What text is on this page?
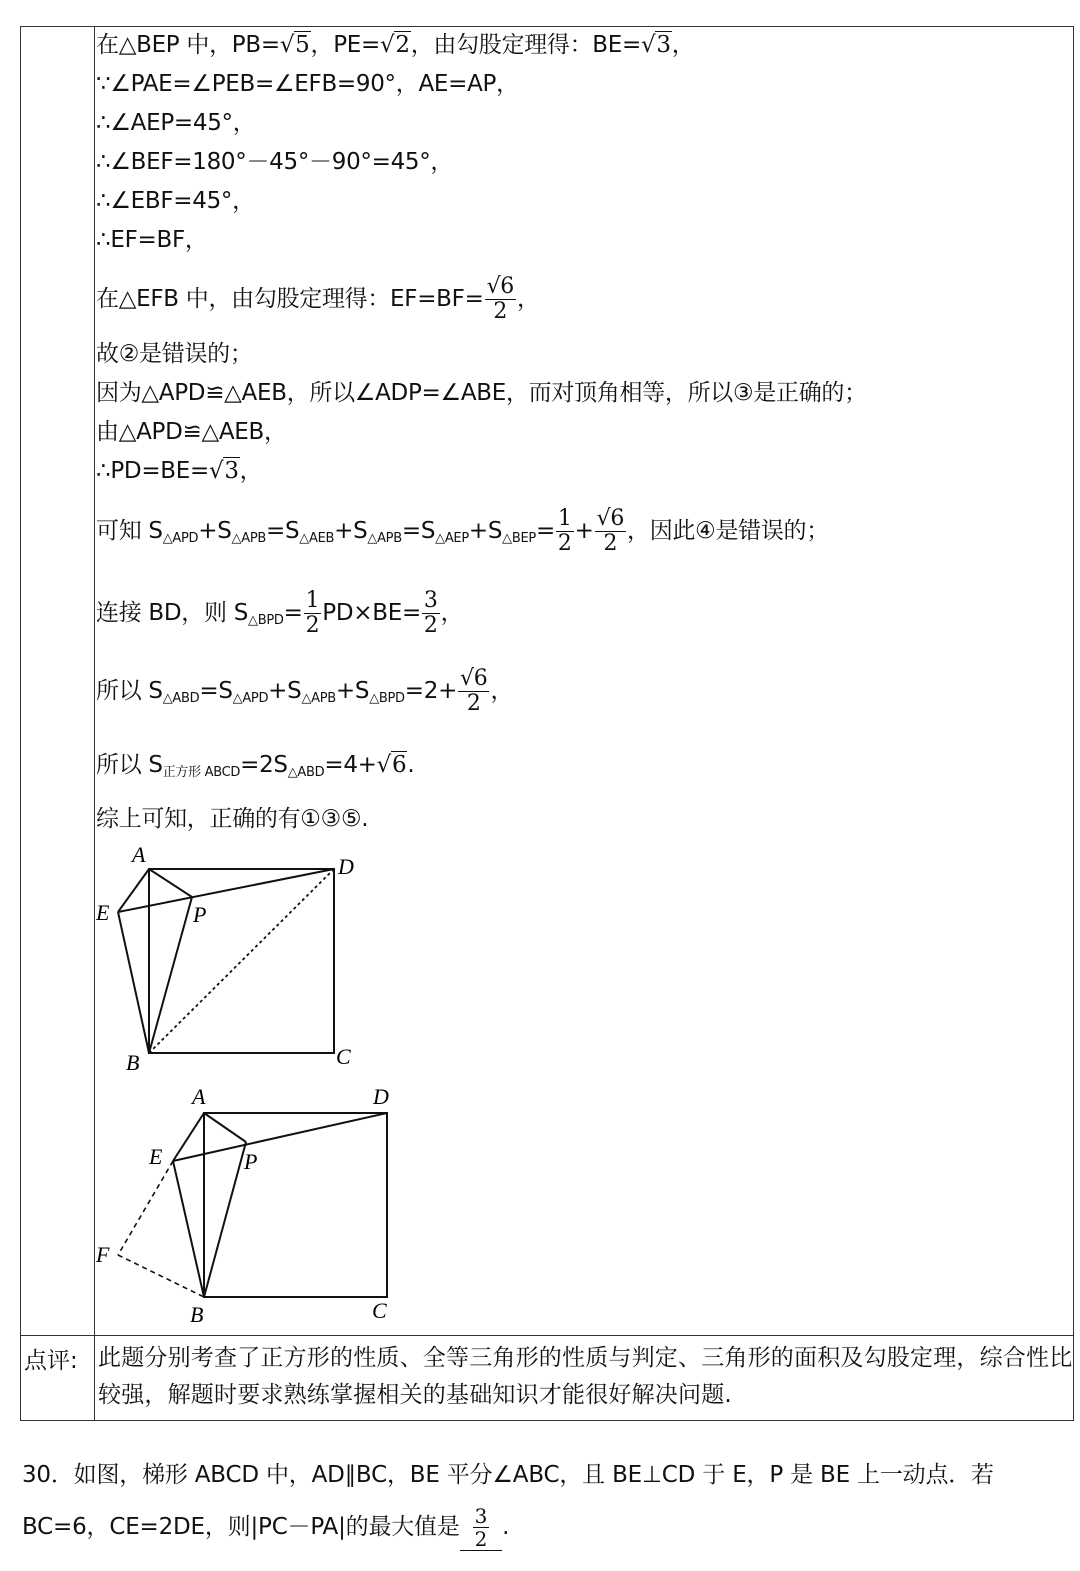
在△BEP 中，PB=√5，PE=√2，由勾股定理得：BE=√3，
∵∠PAE=∠PEB=∠EFB=90°，AE=AP，
∴∠AEP=45°，
∴∠BEF=180°－45°－90°=45°，
∴∠EBF=45°，
∴EF=BF，
在△EFB 中，由勾股定理得：$EF=BF= \frac{√6}{2}$ ，
故②是错误的；
因为△APD≌△AEB，所以∠ADP=∠ABE，而对顶角相等，所以③是正确的；
由△APD≌△AEB，
∴PD=BE=√3，
可知 $S_{\triangle APD}+S_{\triangle APB}=S_{\triangle AEB}+S_{\triangle APB}=S_{\triangle AEP}+S_{\triangle BEP}= \frac{1}{2} + \frac{√6}{2}$ ，因此④是错误的；
连接 BD，则 $S_{\triangle BPD}= \frac{1}{2} PD\times BE= \frac{3}{2}$ ，
所以 $S_{\triangle ABD}=S_{\triangle APD}+S_{\triangle APB}+S_{\triangle BPD}=2+ \frac{√6}{2}$ ，
所以 $S_{正方形 ABCD}=2S_{\triangle ABD}=4+√6$.
综上可知，正确的有①③⑤.
A	D
E	P
B	C
A	D
E	P
F
B	C
点评: 此题分别考查了正方形的性质、全等三角形的性质与判定、三角形的面积及勾股定理，综合性比较强，解题时要求熟练掌握相关的基础知识才能很好解决问题.
30．如图，梯形 ABCD 中，AD∥BC，BE 平分∠ABC，且 BE⊥CD 于 E，P 是 BE 上一动点．若
BC=6，CE=2DE，则|PC－PA|的最大值是 $\frac{3}{2}$ .
